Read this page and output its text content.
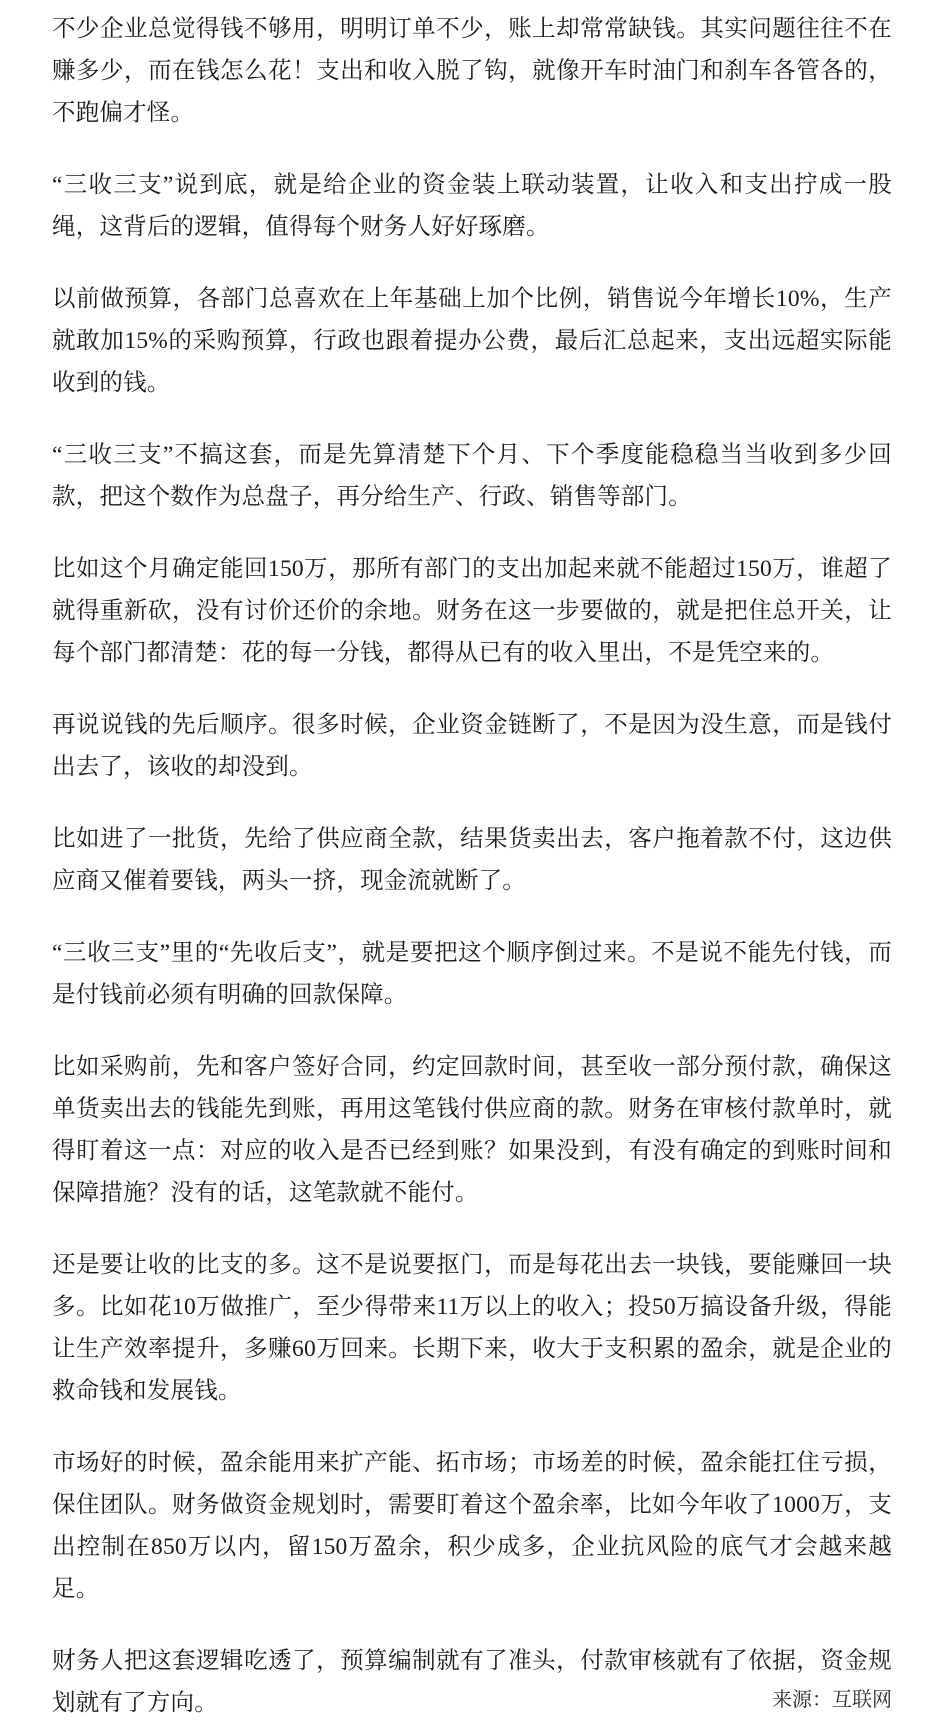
不少企业总觉得钱不够用，明明订单不少，账上却常常缺钱。其实问题往往不在赚多少，而在钱怎么花！支出和收入脱了钩，就像开车时油门和刹车各管各的，不跑偏才怪。

“三收三支”说到底，就是给企业的资金装上联动装置，让收入和支出拧成一股绳，这背后的逻辑，值得每个财务人好好琢磨。

以前做预算，各部门总喜欢在上年基础上加个比例，销售说今年增长10%，生产就敢加15%的采购预算，行政也跟着提办公费，最后汇总起来，支出远超实际能收到的钱。

“三收三支”不搞这套，而是先算清楚下个月、下个季度能稳稳当当收到多少回款，把这个数作为总盘子，再分给生产、行政、销售等部门。

比如这个月确定能回150万，那所有部门的支出加起来就不能超过150万，谁超了就得重新砍，没有讨价还价的余地。财务在这一步要做的，就是把住总开关，让每个部门都清楚：花的每一分钱，都得从已有的收入里出，不是凭空来的。

再说说钱的先后顺序。很多时候，企业资金链断了，不是因为没生意，而是钱付出去了，该收的却没到。

比如进了一批货，先给了供应商全款，结果货卖出去，客户拖着款不付，这边供应商又催着要钱，两头一挤，现金流就断了。

“三收三支”里的“先收后支”，就是要把这个顺序倒过来。不是说不能先付钱，而是付钱前必须有明确的回款保障。

比如采购前，先和客户签好合同，约定回款时间，甚至收一部分预付款，确保这单货卖出去的钱能先到账，再用这笔钱付供应商的款。财务在审核付款单时，就得盯着这一点：对应的收入是否已经到账？如果没到，有没有确定的到账时间和保障措施？没有的话，这笔款就不能付。

还是要让收的比支的多。这不是说要抠门，而是每花出去一块钱，要能赚回一块多。比如花10万做推广，至少得带来11万以上的收入；投50万搞设备升级，得能让生产效率提升，多赚60万回来。长期下来，收大于支积累的盈余，就是企业的救命钱和发展钱。

市场好的时候，盈余能用来扩产能、拓市场；市场差的时候，盈余能扛住亏损，保住团队。财务做资金规划时，需要盯着这个盈余率，比如今年收了1000万，支出控制在850万以内，留150万盈余，积少成多，企业抗风险的底气才会越来越足。

财务人把这套逻辑吃透了，预算编制就有了准头，付款审核就有了依据，资金规划就有了方向。	来源：互联网
